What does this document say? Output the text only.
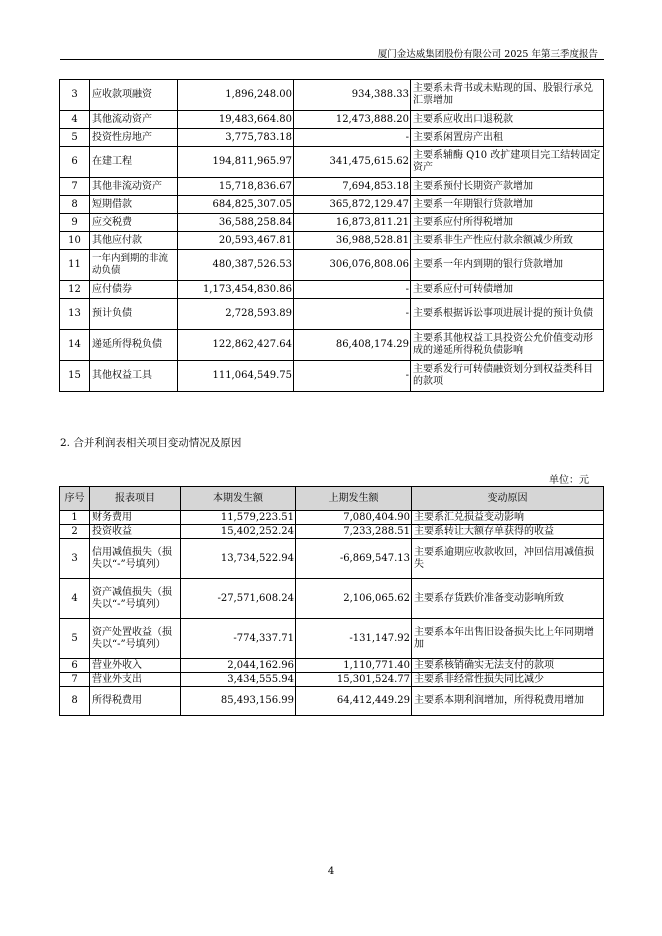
厦门金达威集团股份有限公司 2025 年第三季度报告
3	应收款项融资	1,896,248.00	934,388.33	主要系未背书或未贴现的国、股银行承兑汇票增加
4	其他流动资产	19,483,664.80	12,473,888.20	主要系应收出口退税款
5	投资性房地产	3,775,783.18	-	主要系闲置房产出租
6	在建工程	194,811,965.97	341,475,615.62	主要系辅酶 Q10 改扩建项目完工结转固定资产
7	其他非流动资产	15,718,836.67	7,694,853.18	主要系预付长期资产款增加
8	短期借款	684,825,307.05	365,872,129.47	主要系一年期银行贷款增加
9	应交税费	36,588,258.84	16,873,811.21	主要系应付所得税增加
10	其他应付款	20,593,467.81	36,988,528.81	主要系非生产性应付款余额减少所致
11	一年内到期的非流动负债	480,387,526.53	306,076,808.06	主要系一年内到期的银行贷款增加
12	应付债券	1,173,454,830.86	-	主要系应付可转债增加
13	预计负债	2,728,593.89	-	主要系根据诉讼事项进展计提的预计负债
14	递延所得税负债	122,862,427.64	86,408,174.29	主要系其他权益工具投资公允价值变动形成的递延所得税负债影响
15	其他权益工具	111,064,549.75	-	主要系发行可转债融资划分到权益类科目的款项
2. 合并利润表相关项目变动情况及原因
单位：元
序号	报表项目	本期发生额	上期发生额	变动原因
1	财务费用	11,579,223.51	7,080,404.90	主要系汇兑损益变动影响
2	投资收益	15,402,252.24	7,233,288.51	主要系转让大额存单获得的收益
3	信用减值损失（损失以“-”号填列）	13,734,522.94	-6,869,547.13	主要系逾期应收款收回，冲回信用减值损失
4	资产减值损失（损失以“-”号填列）	-27,571,608.24	2,106,065.62	主要系存货跌价准备变动影响所致
5	资产处置收益（损失以“-”号填列）	-774,337.71	-131,147.92	主要系本年出售旧设备损失比上年同期增加
6	营业外收入	2,044,162.96	1,110,771.40	主要系核销确实无法支付的款项
7	营业外支出	3,434,555.94	15,301,524.77	主要系非经常性损失同比减少
8	所得税费用	85,493,156.99	64,412,449.29	主要系本期利润增加，所得税费用增加
4
